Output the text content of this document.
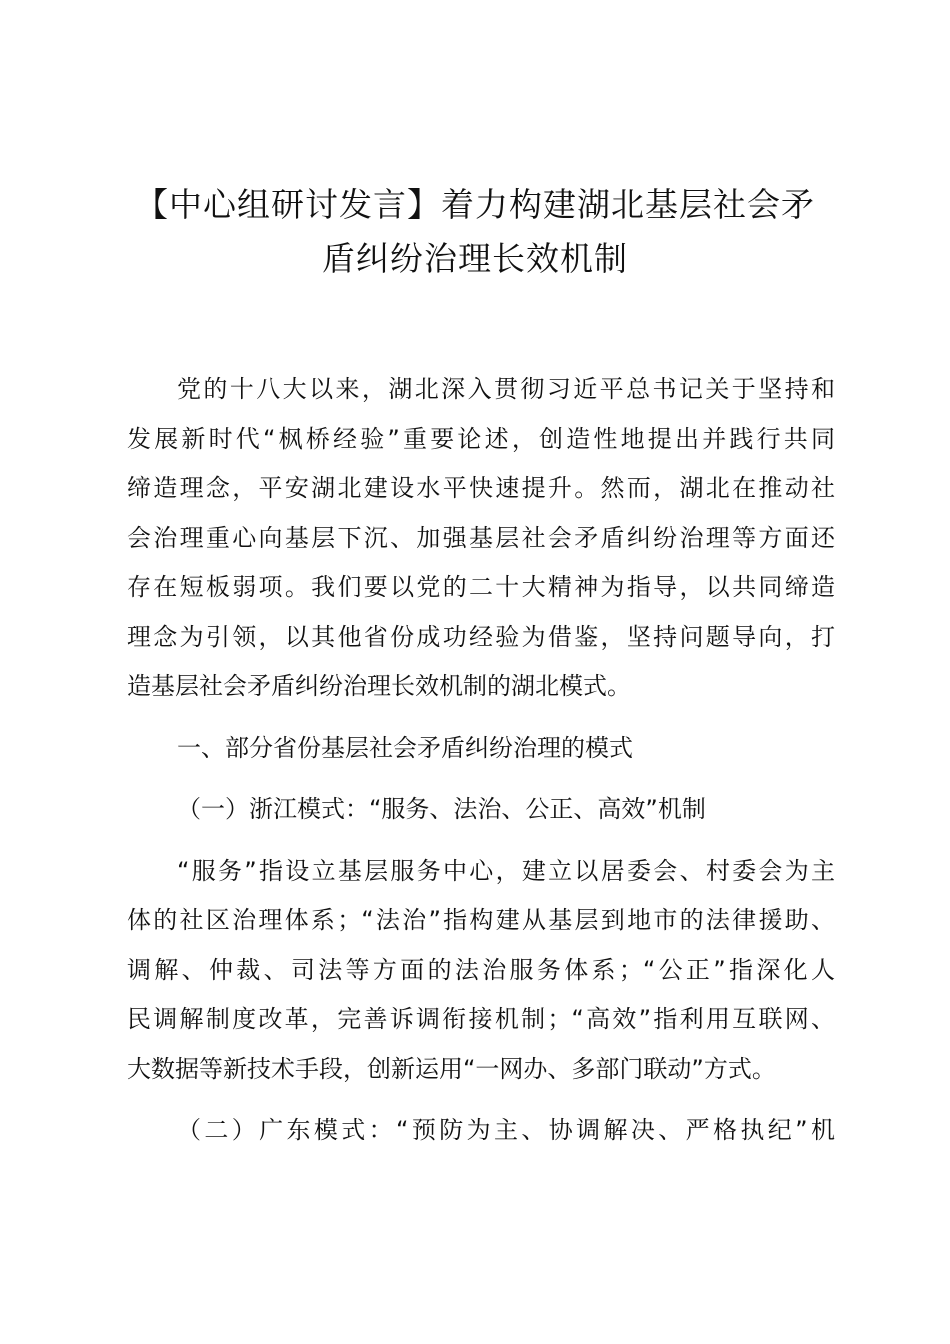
【中心组研讨发言】着力构建湖北基层社会矛
盾纠纷治理长效机制
党的十八大以来，湖北深入贯彻习近平总书记关于坚持和
发展新时代“枫桥经验”重要论述，创造性地提出并践行共同
缔造理念，平安湖北建设水平快速提升。然而，湖北在推动社
会治理重心向基层下沉、加强基层社会矛盾纠纷治理等方面还
存在短板弱项。我们要以党的二十大精神为指导，以共同缔造
理念为引领，以其他省份成功经验为借鉴，坚持问题导向，打
造基层社会矛盾纠纷治理长效机制的湖北模式。
一、部分省份基层社会矛盾纠纷治理的模式
（一）浙江模式：“服务、法治、公正、高效”机制
“服务”指设立基层服务中心，建立以居委会、村委会为主
体的社区治理体系；“法治”指构建从基层到地市的法律援助、
调解、仲裁、司法等方面的法治服务体系；“公正”指深化人
民调解制度改革，完善诉调衔接机制；“高效”指利用互联网、
大数据等新技术手段，创新运用“一网办、多部门联动”方式。
（二）广东模式：“预防为主、协调解决、严格执纪”机
